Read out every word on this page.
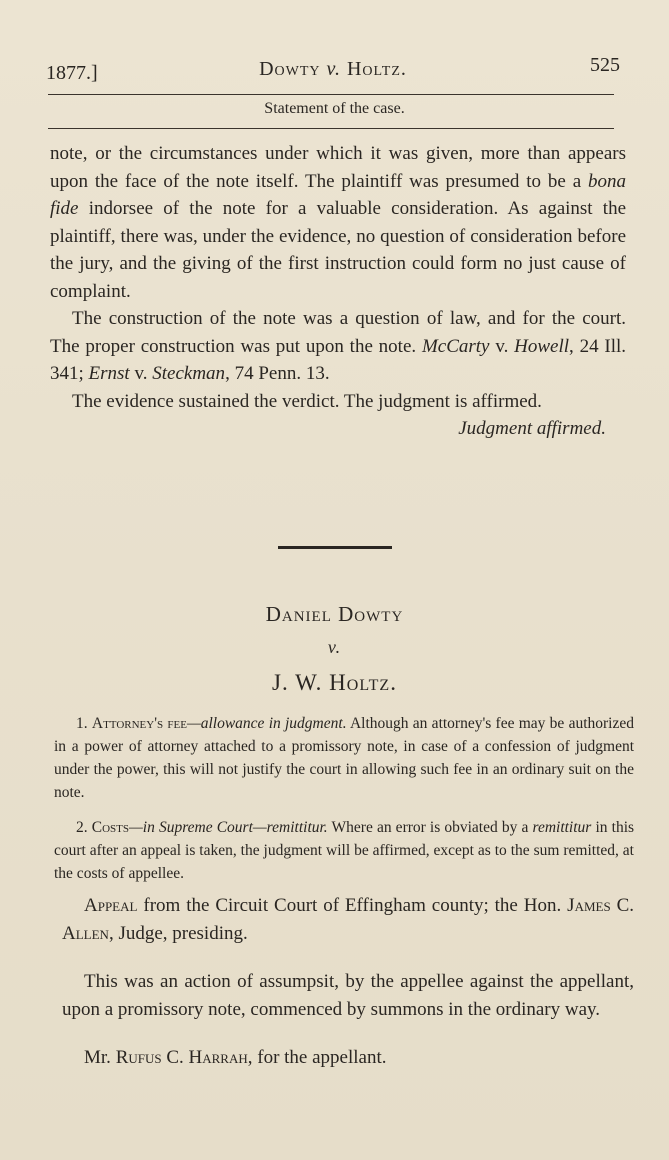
1877.]	Dowty v. Holtz.	525
Statement of the case.

note, or the circumstances under which it was given, more than appears upon the face of the note itself. The plaintiff was presumed to be a bona fide indorsee of the note for a valuable consideration. As against the plaintiff, there was, under the evidence, no question of consideration before the jury, and the giving of the first instruction could form no just cause of complaint.

The construction of the note was a question of law, and for the court. The proper construction was put upon the note. McCarty v. Howell, 24 Ill. 341; Ernst v. Steckman, 74 Penn. 13.

The evidence sustained the verdict. The judgment is affirmed.

Judgment affirmed.

Daniel Dowty
v.
J. W. Holtz.

1. Attorney's fee—allowance in judgment. Although an attorney's fee may be authorized in a power of attorney attached to a promissory note, in case of a confession of judgment under the power, this will not justify the court in allowing such fee in an ordinary suit on the note.

2. Costs—in Supreme Court—remittitur. Where an error is obviated by a remittitur in this court after an appeal is taken, the judgment will be affirmed, except as to the sum remitted, at the costs of appellee.

Appeal from the Circuit Court of Effingham county; the Hon. James C. Allen, Judge, presiding.

This was an action of assumpsit, by the appellee against the appellant, upon a promissory note, commenced by summons in the ordinary way.

Mr. Rufus C. Harrah, for the appellant.
